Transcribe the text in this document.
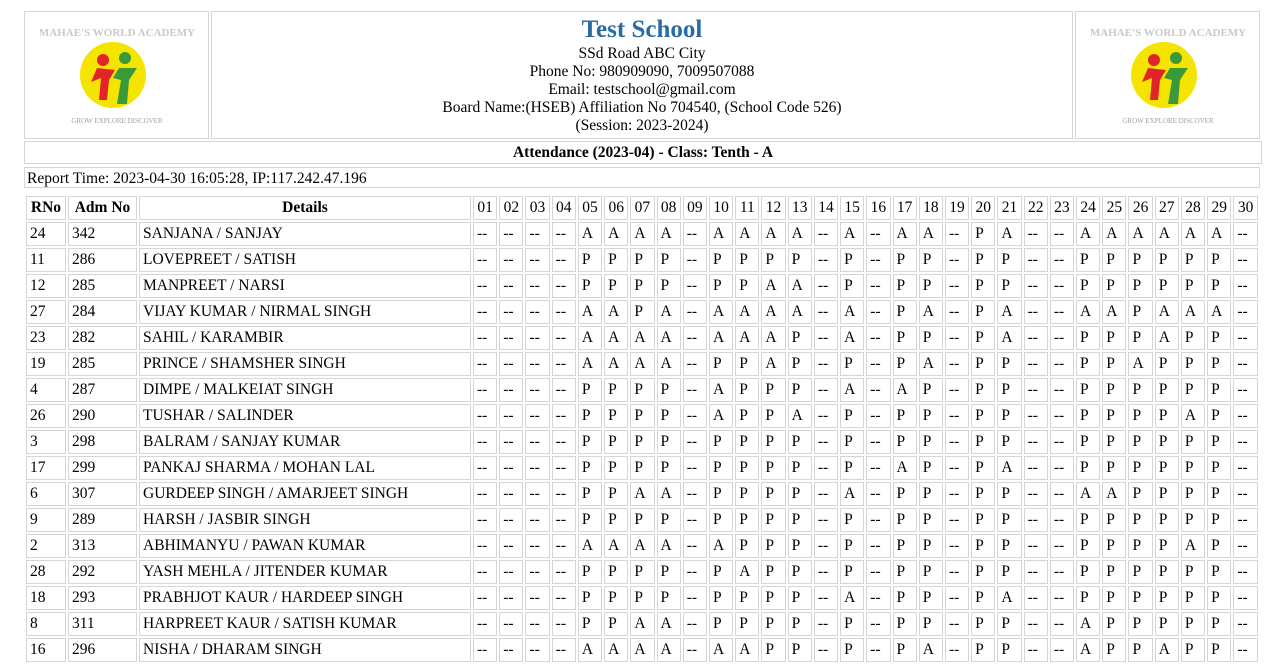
MAHAE'S WORLD ACADEMY
GROW EXPLORE DISCOVER

Test School
SSd Road ABC City
Phone No: 980909090, 7009507088
Email: testschool@gmail.com
Board Name:(HSEB) Affiliation No 704540, (School Code 526)
(Session: 2023-2024)

MAHAE'S WORLD ACADEMY
GROW EXPLORE DISCOVER
Attendance (2023-04) - Class: Tenth - A
Report Time: 2023-04-30 16:05:28, IP:117.242.47.196
RNo	Adm No	Details	01	02	03	04	05	06	07	08	09	10	11	12	13	14	15	16	17	18	19	20	21	22	23	24	25	26	27	28	29	30
24	342	SANJANA / SANJAY	--	--	--	--	A	A	A	A	--	A	A	A	A	--	A	--	A	A	--	P	A	--	--	A	A	A	A	A	A	--
11	286	LOVEPREET / SATISH	--	--	--	--	P	P	P	P	--	P	P	P	P	--	P	--	P	P	--	P	P	--	--	P	P	P	P	P	P	--
12	285	MANPREET / NARSI	--	--	--	--	P	P	P	P	--	P	P	A	A	--	P	--	P	P	--	P	P	--	--	P	P	P	P	P	P	--
27	284	VIJAY KUMAR / NIRMAL SINGH	--	--	--	--	A	A	P	A	--	A	A	A	A	--	A	--	P	A	--	P	A	--	--	A	A	P	A	A	A	--
23	282	SAHIL / KARAMBIR	--	--	--	--	A	A	A	A	--	A	A	A	P	--	A	--	P	P	--	P	A	--	--	P	P	P	A	P	P	--
19	285	PRINCE / SHAMSHER SINGH	--	--	--	--	A	A	A	A	--	P	P	A	P	--	P	--	P	A	--	P	P	--	--	P	P	A	P	P	P	--
4	287	DIMPE / MALKEIAT SINGH	--	--	--	--	P	P	P	P	--	A	P	P	P	--	A	--	A	P	--	P	P	--	--	P	P	P	P	P	P	--
26	290	TUSHAR / SALINDER	--	--	--	--	P	P	P	P	--	A	P	P	A	--	P	--	P	P	--	P	P	--	--	P	P	P	P	A	P	--
3	298	BALRAM / SANJAY KUMAR	--	--	--	--	P	P	P	P	--	P	P	P	P	--	P	--	P	P	--	P	P	--	--	P	P	P	P	P	P	--
17	299	PANKAJ SHARMA / MOHAN LAL	--	--	--	--	P	P	P	P	--	P	P	P	P	--	P	--	A	P	--	P	A	--	--	P	P	P	P	P	P	--
6	307	GURDEEP SINGH / AMARJEET SINGH	--	--	--	--	P	P	A	A	--	P	P	P	P	--	A	--	P	P	--	P	P	--	--	A	A	P	P	P	P	--
9	289	HARSH / JASBIR SINGH	--	--	--	--	P	P	P	P	--	P	P	P	P	--	P	--	P	P	--	P	P	--	--	P	P	P	P	P	P	--
2	313	ABHIMANYU / PAWAN KUMAR	--	--	--	--	A	A	A	A	--	A	P	P	P	--	P	--	P	P	--	P	P	--	--	P	P	P	P	A	P	--
28	292	YASH MEHLA / JITENDER KUMAR	--	--	--	--	P	P	P	P	--	P	A	P	P	--	P	--	P	P	--	P	P	--	--	P	P	P	P	P	P	--
18	293	PRABHJOT KAUR / HARDEEP SINGH	--	--	--	--	P	P	P	P	--	P	P	P	P	--	A	--	P	P	--	P	A	--	--	P	P	P	P	P	P	--
8	311	HARPREET KAUR / SATISH KUMAR	--	--	--	--	P	P	A	A	--	P	P	P	P	--	P	--	P	P	--	P	P	--	--	A	P	P	P	P	P	--
16	296	NISHA / DHARAM SINGH	--	--	--	--	A	A	A	A	--	A	A	P	P	--	P	--	P	A	--	P	P	--	--	A	P	P	A	P	P	--
